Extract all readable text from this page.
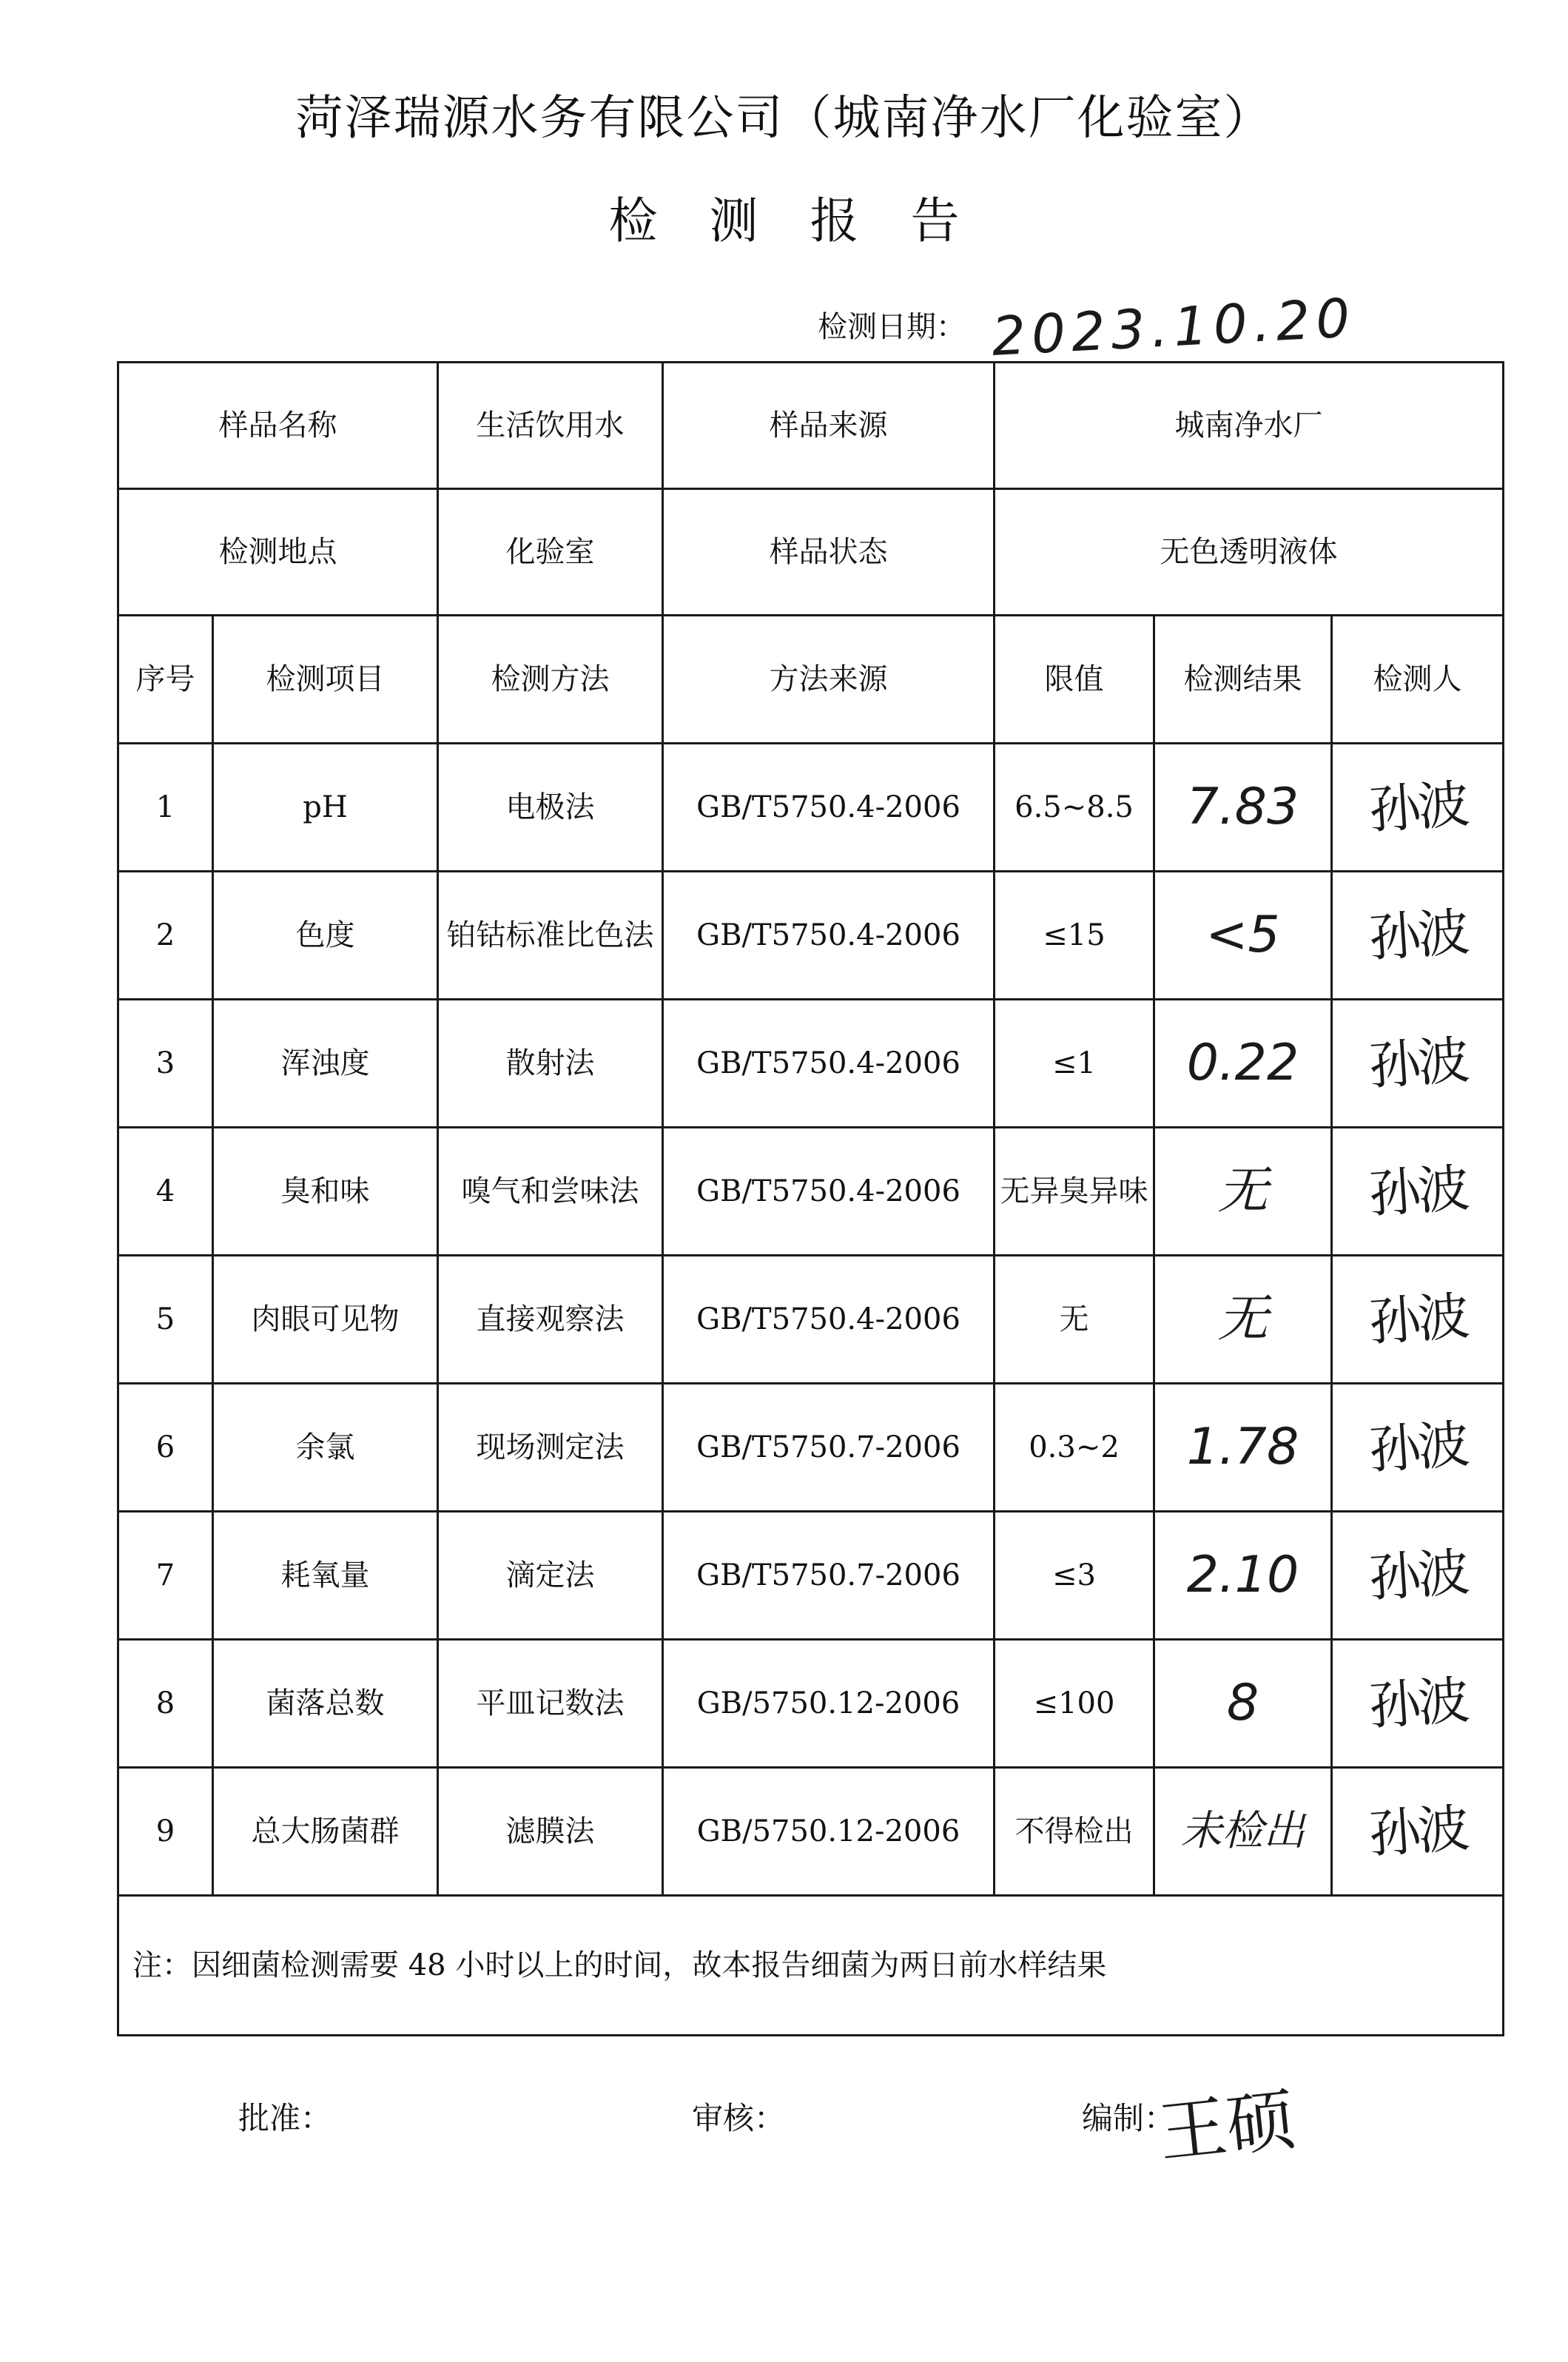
菏泽瑞源水务有限公司（城南净水厂化验室）
检测报告
检测日期： 2023.10.20
样品名称		生活饮用水	样品来源	城南净水厂		
检测地点		化验室	样品状态	无色透明液体		
序号	检测项目	检测方法	方法来源	限值	检测结果	检测人
1	pH	电极法	GB/T5750.4-2006	6.5~8.5	7.83	孙波
2	色度	铂钴标准比色法	GB/T5750.4-2006	≤15	<5	孙波
3	浑浊度	散射法	GB/T5750.4-2006	≤1	0.22	孙波
4	臭和味	嗅气和尝味法	GB/T5750.4-2006	无异臭异味	无	孙波
5	肉眼可见物	直接观察法	GB/T5750.4-2006	无	无	孙波
6	余氯	现场测定法	GB/T5750.7-2006	0.3~2	1.78	孙波
7	耗氧量	滴定法	GB/T5750.7-2006	≤3	2.10	孙波
8	菌落总数	平皿记数法	GB/5750.12-2006	≤100	8	孙波
9	总大肠菌群	滤膜法	GB/5750.12-2006	不得检出	未检出	孙波
注：因细菌检测需要 48 小时以上的时间，故本报告细菌为两日前水样结果						
批准：	审核：	编制：
王硕
